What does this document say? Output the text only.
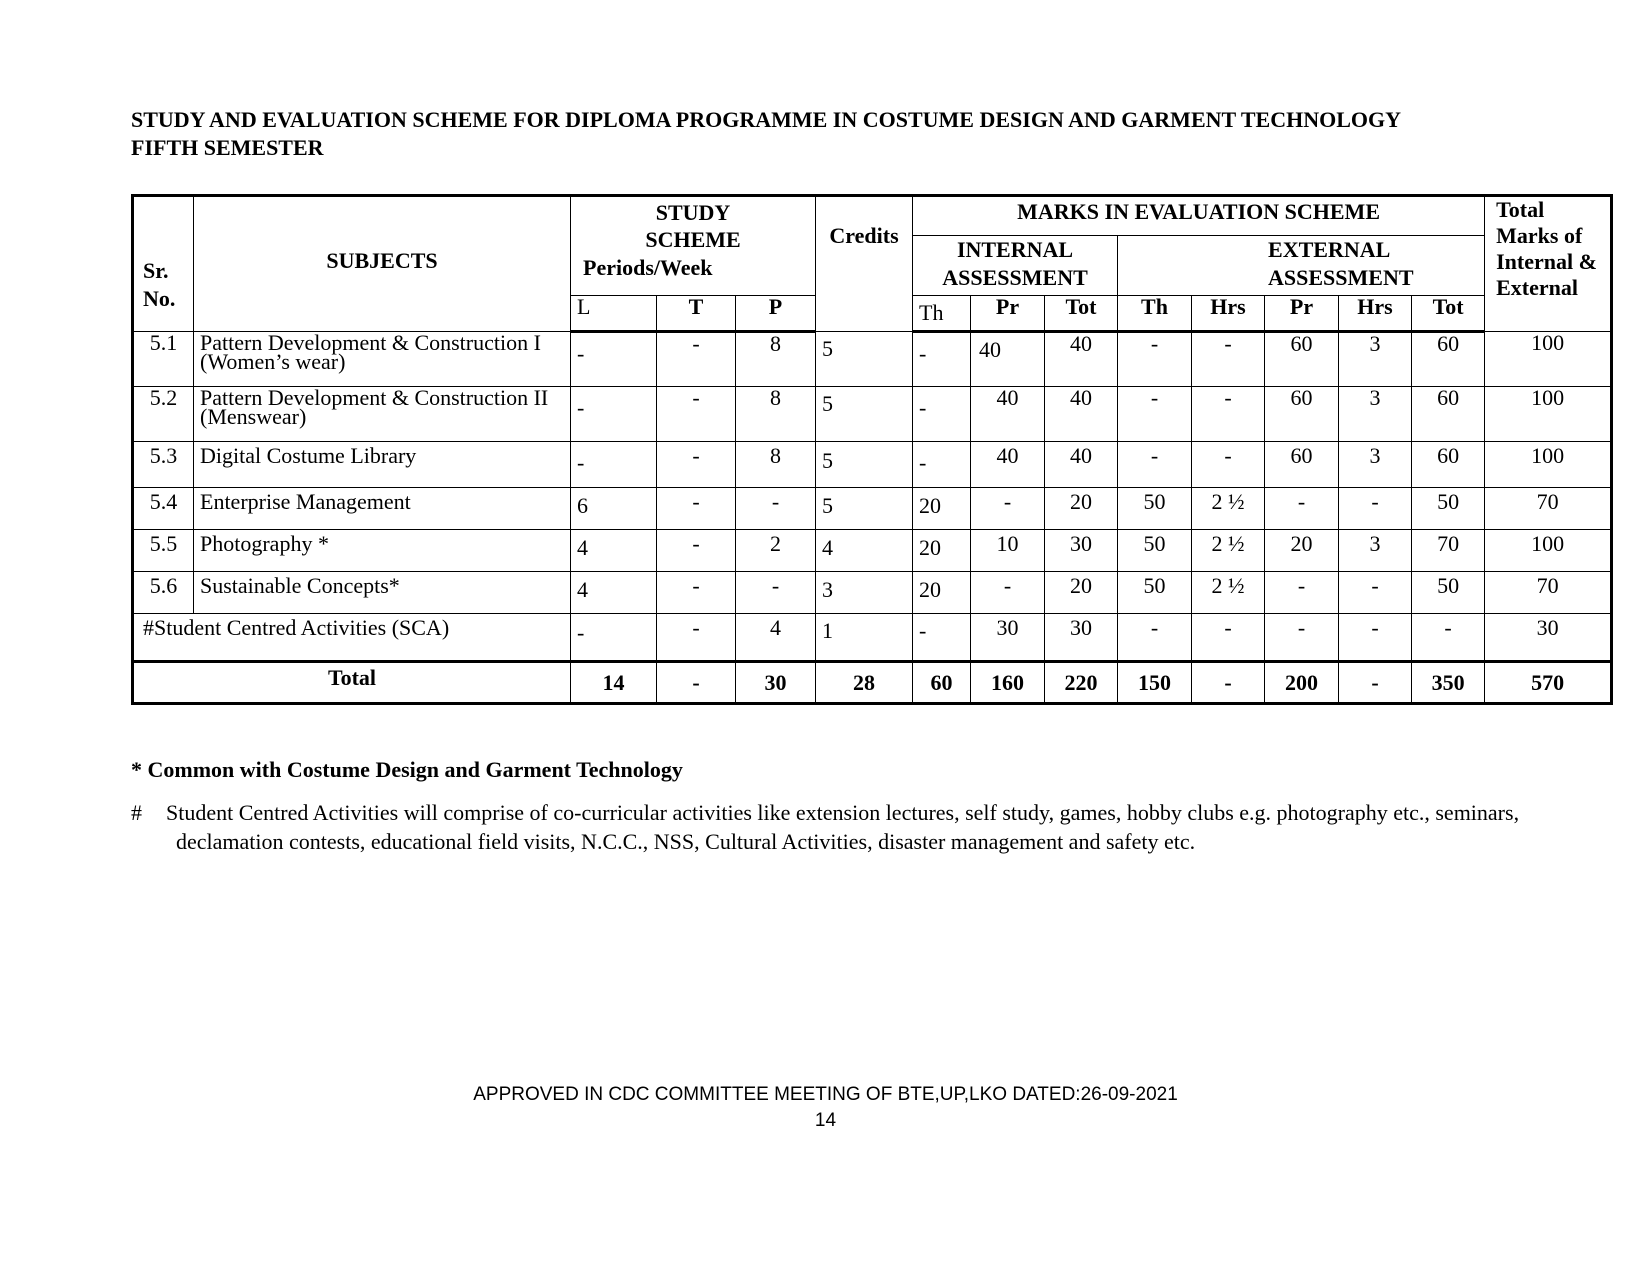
STUDY AND EVALUATION SCHEME FOR DIPLOMA PROGRAMME IN COSTUME DESIGN AND GARMENT TECHNOLOGY
FIFTH SEMESTER
Sr. No.	SUBJECTS	STUDY SCHEME
Periods/Week			Credits	MARKS IN EVALUATION SCHEME								Total Marks of Internal & External
						INTERNAL ASSESSMENT			EXTERNAL ASSESSMENT					
		L	T	P		Th	Pr	Tot	Th	Hrs	Pr	Hrs	Tot	
5.1	Pattern Development & Construction I (Women’s wear)	-	-	8	5	-	40	40	-	-	60	3	60	100
5.2	Pattern Development & Construction II (Menswear)	-	-	8	5	-	40	40	-	-	60	3	60	100
5.3	Digital Costume Library	-	-	8	5	-	40	40	-	-	60	3	60	100
5.4	Enterprise Management	6	-	-	5	20	-	20	50	2 ½	-	-	50	70
5.5	Photography *	4	-	2	4	20	10	30	50	2 ½	20	3	70	100
5.6	Sustainable Concepts*	4	-	-	3	20	-	20	50	2 ½	-	-	50	70
#Student Centred Activities (SCA)		-	-	4	1	-	30	30	-	-	-	-	-	30
Total		14	-	30	28	60	160	220	150	-	200	-	350	570
* Common with Costume Design and Garment Technology
#	Student Centred Activities will comprise of co-curricular activities like extension lectures, self study, games, hobby clubs e.g. photography etc., seminars,
declamation contests, educational field visits, N.C.C., NSS, Cultural Activities, disaster management and safety etc.
APPROVED IN CDC COMMITTEE MEETING OF BTE,UP,LKO DATED:26-09-2021
14
